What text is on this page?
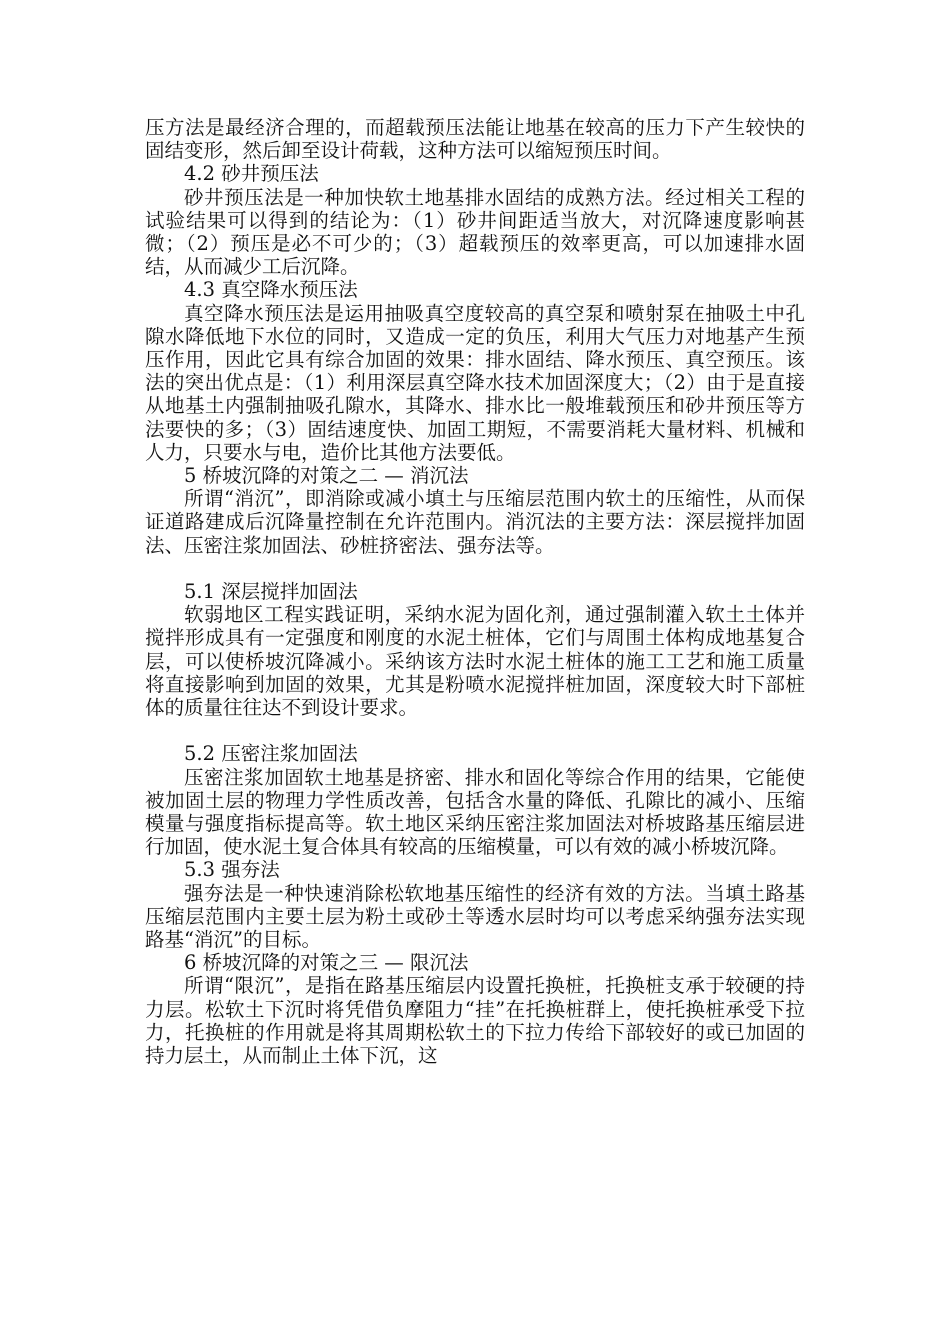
压方法是最经济合理的，而超载预压法能让地基在较高的压力下产生较快的固结变形，然后卸至设计荷载，这种方法可以缩短预压时间。

4.2 砂井预压法

砂井预压法是一种加快软土地基排水固结的成熟方法。经过相关工程的试验结果可以得到的结论为：（1）砂井间距适当放大，对沉降速度影响甚微；（2）预压是必不可少的；（3）超载预压的效率更高，可以加速排水固结，从而减少工后沉降。

4.3 真空降水预压法

真空降水预压法是运用抽吸真空度较高的真空泵和喷射泵在抽吸土中孔隙水降低地下水位的同时，又造成一定的负压，利用大气压力对地基产生预压作用，因此它具有综合加固的效果：排水固结、降水预压、真空预压。该法的突出优点是：（1）利用深层真空降水技术加固深度大；（2）由于是直接从地基土内强制抽吸孔隙水，其降水、排水比一般堆载预压和砂井预压等方法要快的多；（3）固结速度快、加固工期短，不需要消耗大量材料、机械和人力，只要水与电，造价比其他方法要低。

5 桥坡沉降的对策之二 — 消沉法

所谓“消沉”，即消除或减小填土与压缩层范围内软土的压缩性，从而保证道路建成后沉降量控制在允许范围内。消沉法的主要方法：深层搅拌加固法、压密注浆加固法、砂桩挤密法、强夯法等。

5.1 深层搅拌加固法

软弱地区工程实践证明，采纳水泥为固化剂，通过强制灌入软土土体并搅拌形成具有一定强度和刚度的水泥土桩体，它们与周围土体构成地基复合层，可以使桥坡沉降减小。采纳该方法时水泥土桩体的施工工艺和施工质量将直接影响到加固的效果，尤其是粉喷水泥搅拌桩加固，深度较大时下部桩体的质量往往达不到设计要求。

5.2 压密注浆加固法

压密注浆加固软土地基是挤密、排水和固化等综合作用的结果，它能使被加固土层的物理力学性质改善，包括含水量的降低、孔隙比的减小、压缩模量与强度指标提高等。软土地区采纳压密注浆加固法对桥坡路基压缩层进行加固，使水泥土复合体具有较高的压缩模量，可以有效的减小桥坡沉降。

5.3 强夯法

强夯法是一种快速消除松软地基压缩性的经济有效的方法。当填土路基压缩层范围内主要土层为粉土或砂土等透水层时均可以考虑采纳强夯法实现路基“消沉”的目标。

6 桥坡沉降的对策之三 — 限沉法

所谓“限沉”，是指在路基压缩层内设置托换桩，托换桩支承于较硬的持力层。松软土下沉时将凭借负摩阻力“挂”在托换桩群上，使托换桩承受下拉力，托换桩的作用就是将其周期松软土的下拉力传给下部较好的或已加固的持力层土，从而制止土体下沉，这
